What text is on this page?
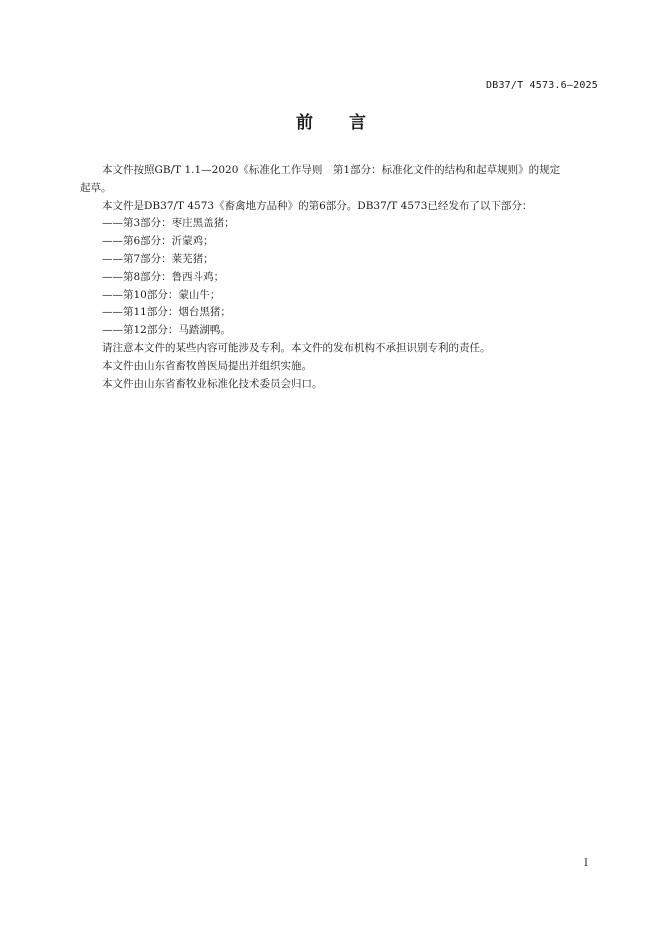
DB37/T 4573.6—2025
前言

本文件按照GB/T 1.1—2020《标准化工作导则　第1部分：标准化文件的结构和起草规则》的规定

起草。

本文件是DB37/T 4573《畜禽地方品种》的第6部分。DB37/T 4573已经发布了以下部分：

——第3部分：枣庄黑盖猪；

——第6部分：沂蒙鸡；

——第7部分：莱芜猪；

——第8部分：鲁西斗鸡；

——第10部分：蒙山牛；

——第11部分：烟台黑猪；

——第12部分：马踏湖鸭。

请注意本文件的某些内容可能涉及专利。本文件的发布机构不承担识别专利的责任。

本文件由山东省畜牧兽医局提出并组织实施。

本文件由山东省畜牧业标准化技术委员会归口。

I
